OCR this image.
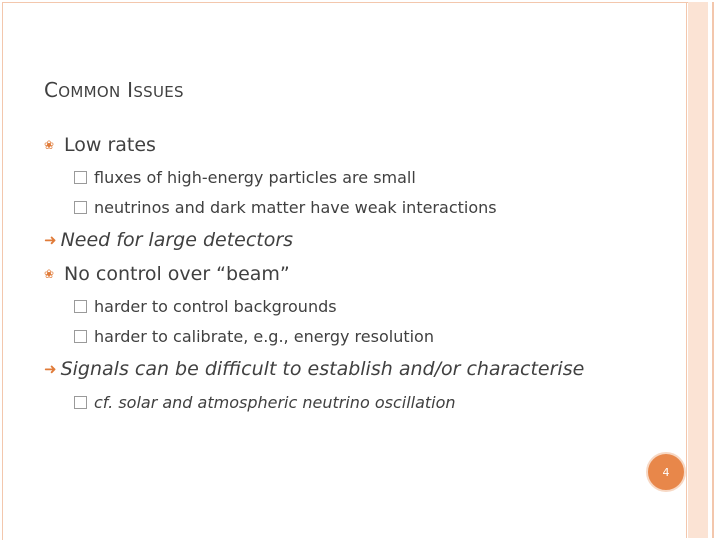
COMMON ISSUES
❀ Low rates
fluxes of high-energy particles are small
neutrinos and dark matter have weak interactions
➜ Need for large detectors
❀ No control over “beam”
harder to control backgrounds
harder to calibrate, e.g., energy resolution
➜ Signals can be difficult to establish and/or characterise
cf. solar and atmospheric neutrino oscillation
4
